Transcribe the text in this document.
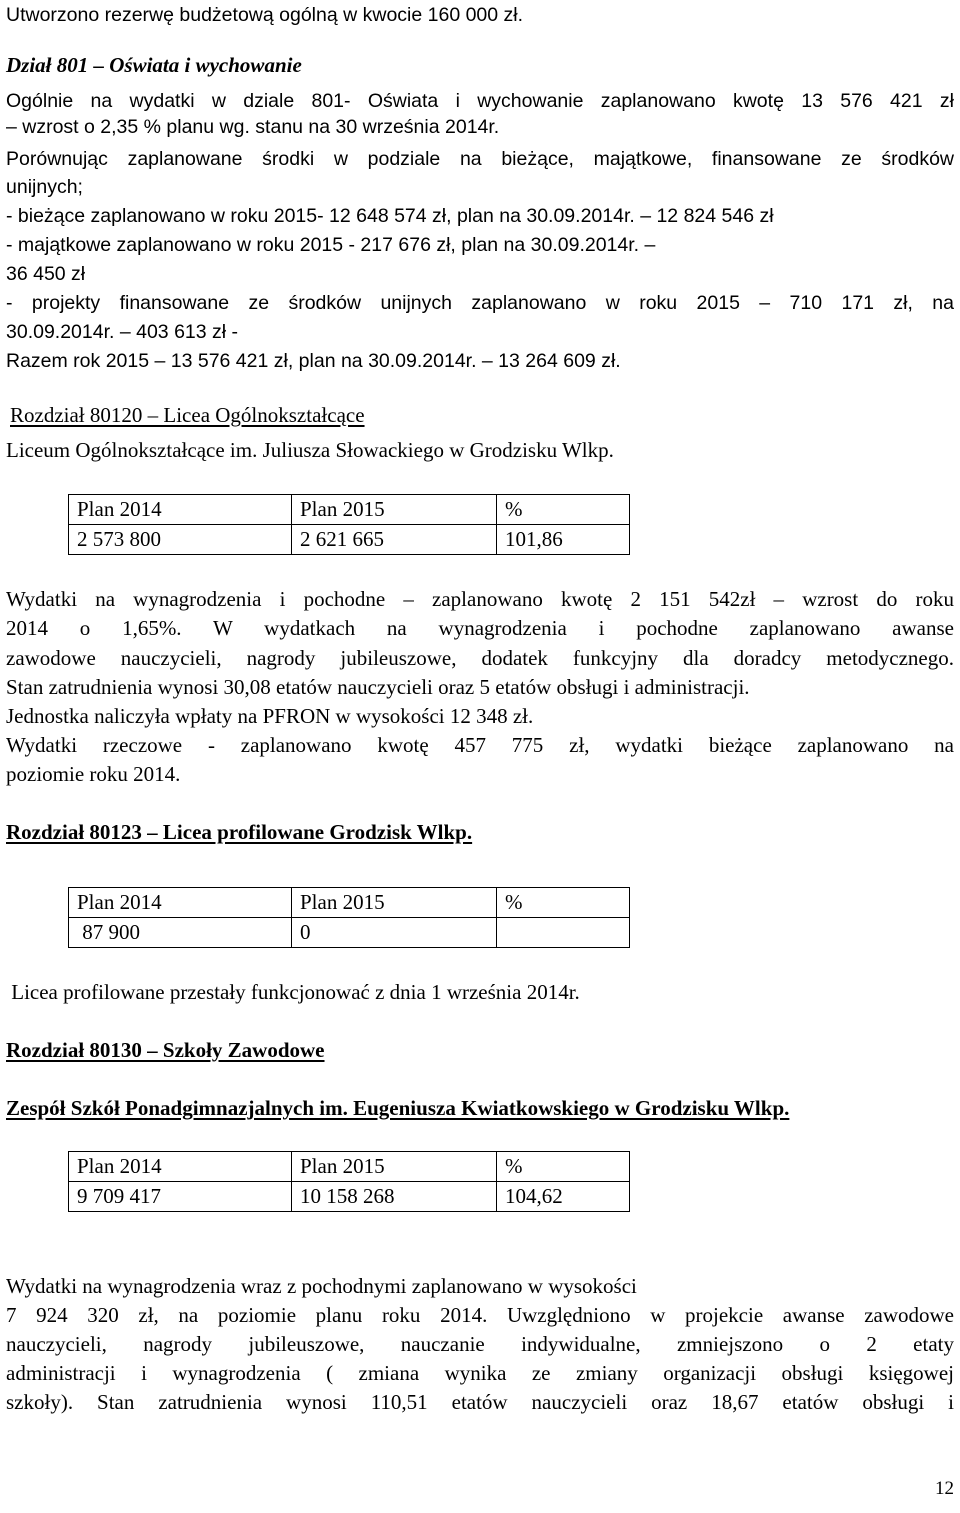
Utworzono rezerwę budżetową ogólną w kwocie 160 000 zł.
Dział 801 – Oświata i wychowanie
Ogólnie na wydatki w dziale 801- Oświata i wychowanie zaplanowano kwotę 13 576 421 zł
– wzrost o 2,35 % planu wg. stanu na 30 września 2014r.
Porównując zaplanowane środki w podziale na bieżące, majątkowe, finansowane ze środków
unijnych;
- bieżące zaplanowano w roku 2015- 12 648 574 zł, plan na 30.09.2014r. – 12 824 546 zł
- majątkowe zaplanowano w roku 2015 - 217 676 zł, plan na 30.09.2014r. –
36 450 zł
- projekty finansowane ze środków unijnych zaplanowano w roku 2015 – 710 171 zł, na
30.09.2014r. – 403 613 zł -
Razem rok 2015 – 13 576 421 zł, plan na 30.09.2014r. – 13 264 609 zł.
Rozdział 80120 – Licea Ogólnokształcące
Liceum Ogólnokształcące im. Juliusza Słowackiego w Grodzisku Wlkp.
Plan 2014	Plan 2015	%
2 573 800	2 621 665	101,86
Wydatki na wynagrodzenia i pochodne – zaplanowano kwotę 2 151 542zł – wzrost do roku
2014 o 1,65%. W wydatkach na wynagrodzenia i pochodne zaplanowano awanse
zawodowe nauczycieli, nagrody jubileuszowe, dodatek funkcyjny dla doradcy metodycznego.
Stan zatrudnienia wynosi 30,08 etatów nauczycieli oraz 5 etatów obsługi i administracji.
Jednostka naliczyła wpłaty na PFRON w wysokości 12 348 zł.
Wydatki rzeczowe - zaplanowano kwotę 457 775 zł, wydatki bieżące zaplanowano na
poziomie roku 2014.
Rozdział 80123 – Licea profilowane Grodzisk Wlkp.
Plan 2014	Plan 2015	%
87 900	0	
Licea profilowane przestały funkcjonować z dnia 1 września 2014r.
Rozdział 80130 – Szkoły Zawodowe
Zespół Szkół Ponadgimnazjalnych im. Eugeniusza Kwiatkowskiego w Grodzisku Wlkp.
Plan 2014	Plan 2015	%
9 709 417	10 158 268	104,62
Wydatki na wynagrodzenia wraz z pochodnymi zaplanowano w wysokości
7 924 320 zł, na poziomie planu roku 2014. Uwzględniono w projekcie awanse zawodowe
nauczycieli, nagrody jubileuszowe, nauczanie indywidualne, zmniejszono o 2 etaty
administracji i wynagrodzenia ( zmiana wynika ze zmiany organizacji obsługi księgowej
szkoły). Stan zatrudnienia wynosi 110,51 etatów nauczycieli oraz 18,67 etatów obsługi i
12
